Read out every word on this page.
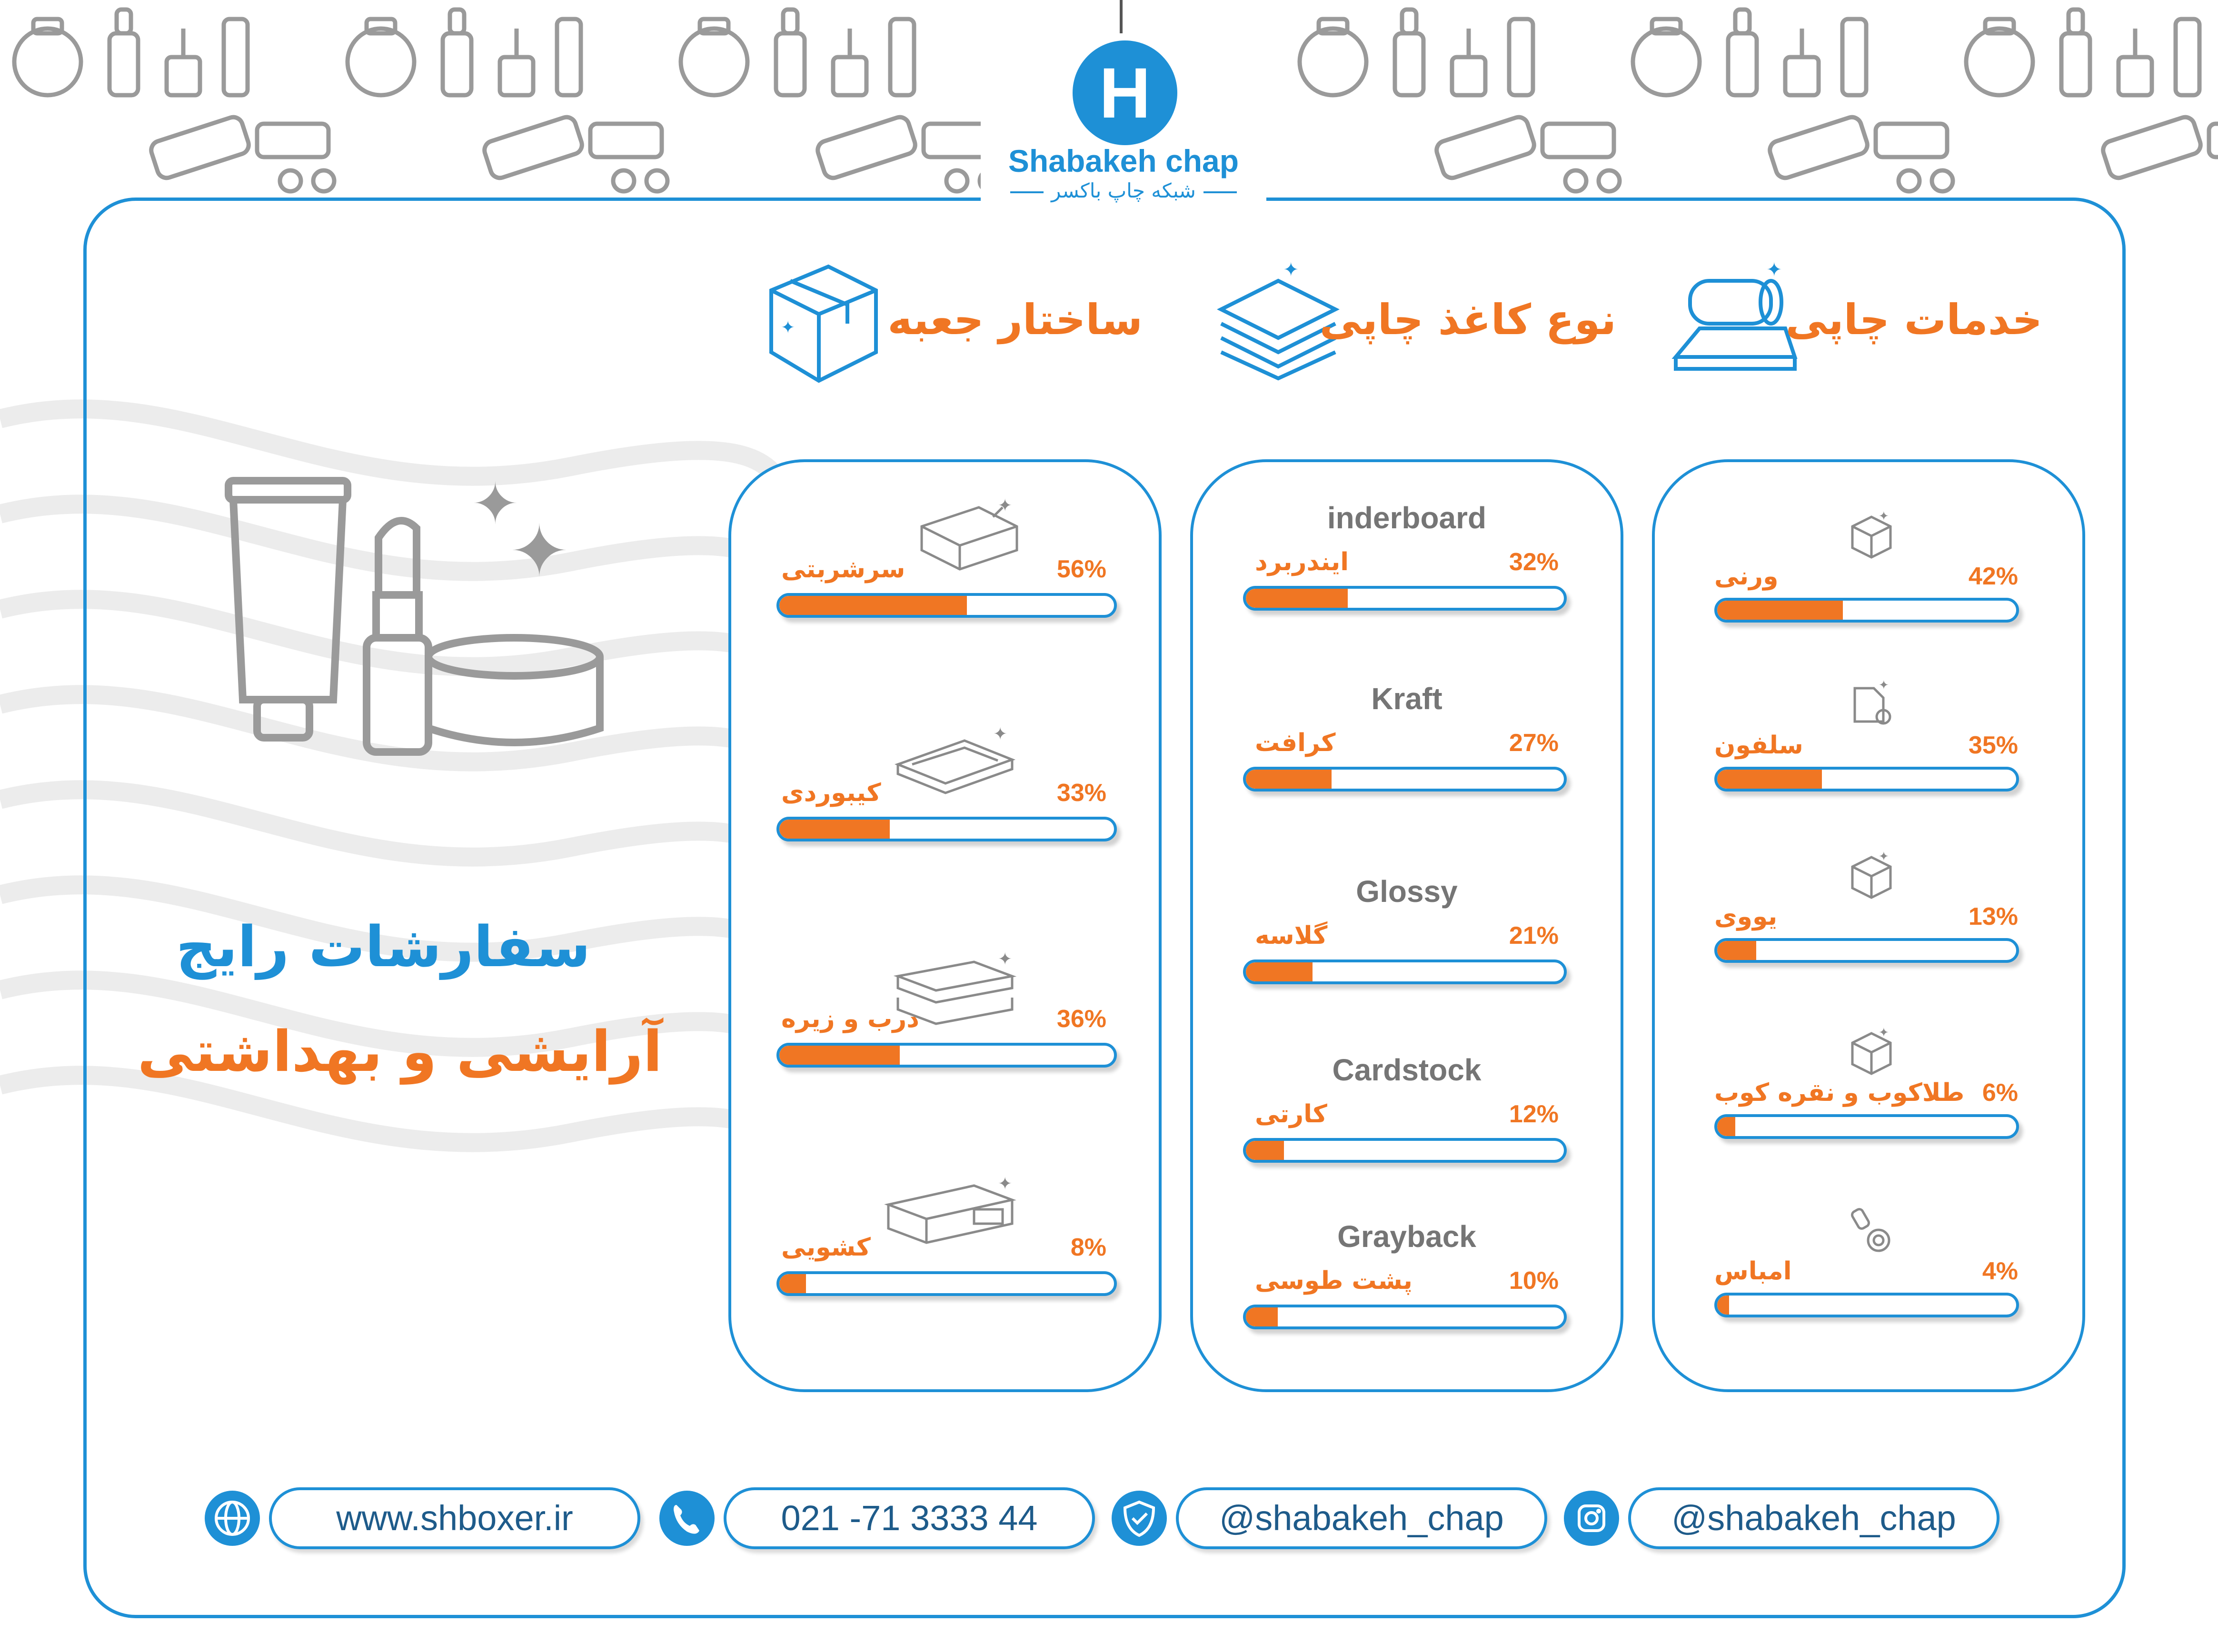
H
Shabakeh chap
شبکه چاپ باکسر
✦
خدمات چاپی
✦
نوع کاغذ چاپی
✦ ساختار جعبه
✦
✦
سفارشات رایج
آرایشی و بهداشتی
✦
ورنی	42%
✦
سلفون	35%
✦
یووی	13%
✦
طلاکوب و نقره کوب 6%
امباس	4%
inderboard
ایندربرد	32%
Kraft
کرافت	27%
Glossy
گلاسه	21%
Cardstock
کارتی	12%
Grayback
پشت طوسی	10%
✦
سرشربتی	56%
✦
کیبوردی	33%
✦
درب و زیره	36%
✦
کشویی	8%
www.shboxer.ir	021 -71 3333 44	@shabakeh_chap	@shabakeh_chap
